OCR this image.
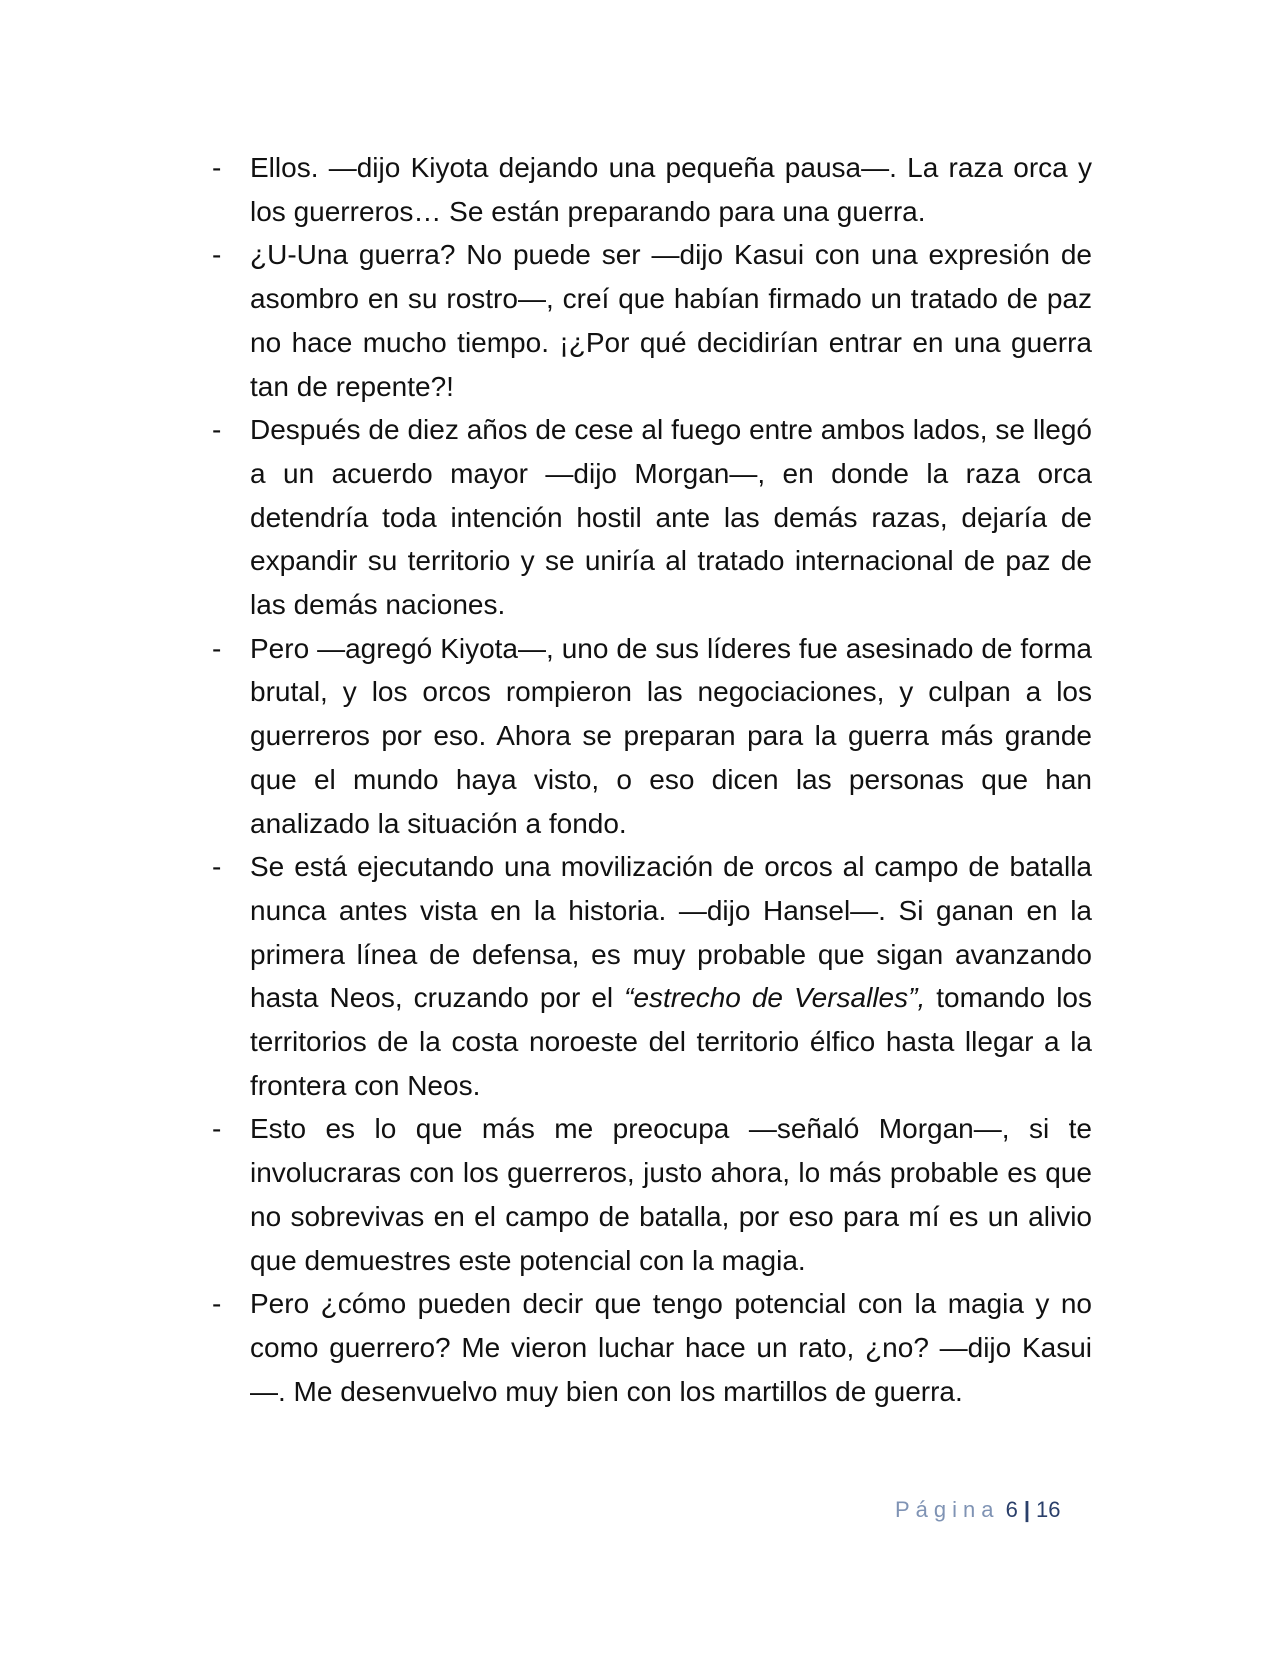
- Ellos. —dijo Kiyota dejando una pequeña pausa—. La raza orca y los guerreros… Se están preparando para una guerra.
- ¿U-Una guerra? No puede ser —dijo Kasui con una expresión de asombro en su rostro—, creí que habían firmado un tratado de paz no hace mucho tiempo. ¡¿Por qué decidirían entrar en una guerra tan de repente?!
- Después de diez años de cese al fuego entre ambos lados, se llegó a un acuerdo mayor —dijo Morgan—, en donde la raza orca detendría toda intención hostil ante las demás razas, dejaría de expandir su territorio y se uniría al tratado internacional de paz de las demás naciones.
- Pero —agregó Kiyota—, uno de sus líderes fue asesinado de forma brutal, y los orcos rompieron las negociaciones, y culpan a los guerreros por eso. Ahora se preparan para la guerra más grande que el mundo haya visto, o eso dicen las personas que han analizado la situación a fondo.
- Se está ejecutando una movilización de orcos al campo de batalla nunca antes vista en la historia. —dijo Hansel—. Si ganan en la primera línea de defensa, es muy probable que sigan avanzando hasta Neos, cruzando por el “estrecho de Versalles”, tomando los territorios de la costa noroeste del territorio élfico hasta llegar a la frontera con Neos.
- Esto es lo que más me preocupa —señaló Morgan—, si te involucraras con los guerreros, justo ahora, lo más probable es que no sobrevivas en el campo de batalla, por eso para mí es un alivio que demuestres este potencial con la magia.
- Pero ¿cómo pueden decir que tengo potencial con la magia y no como guerrero? Me vieron luchar hace un rato, ¿no? —dijo Kasui—. Me desenvuelvo muy bien con los martillos de guerra.
Página 6 | 16
